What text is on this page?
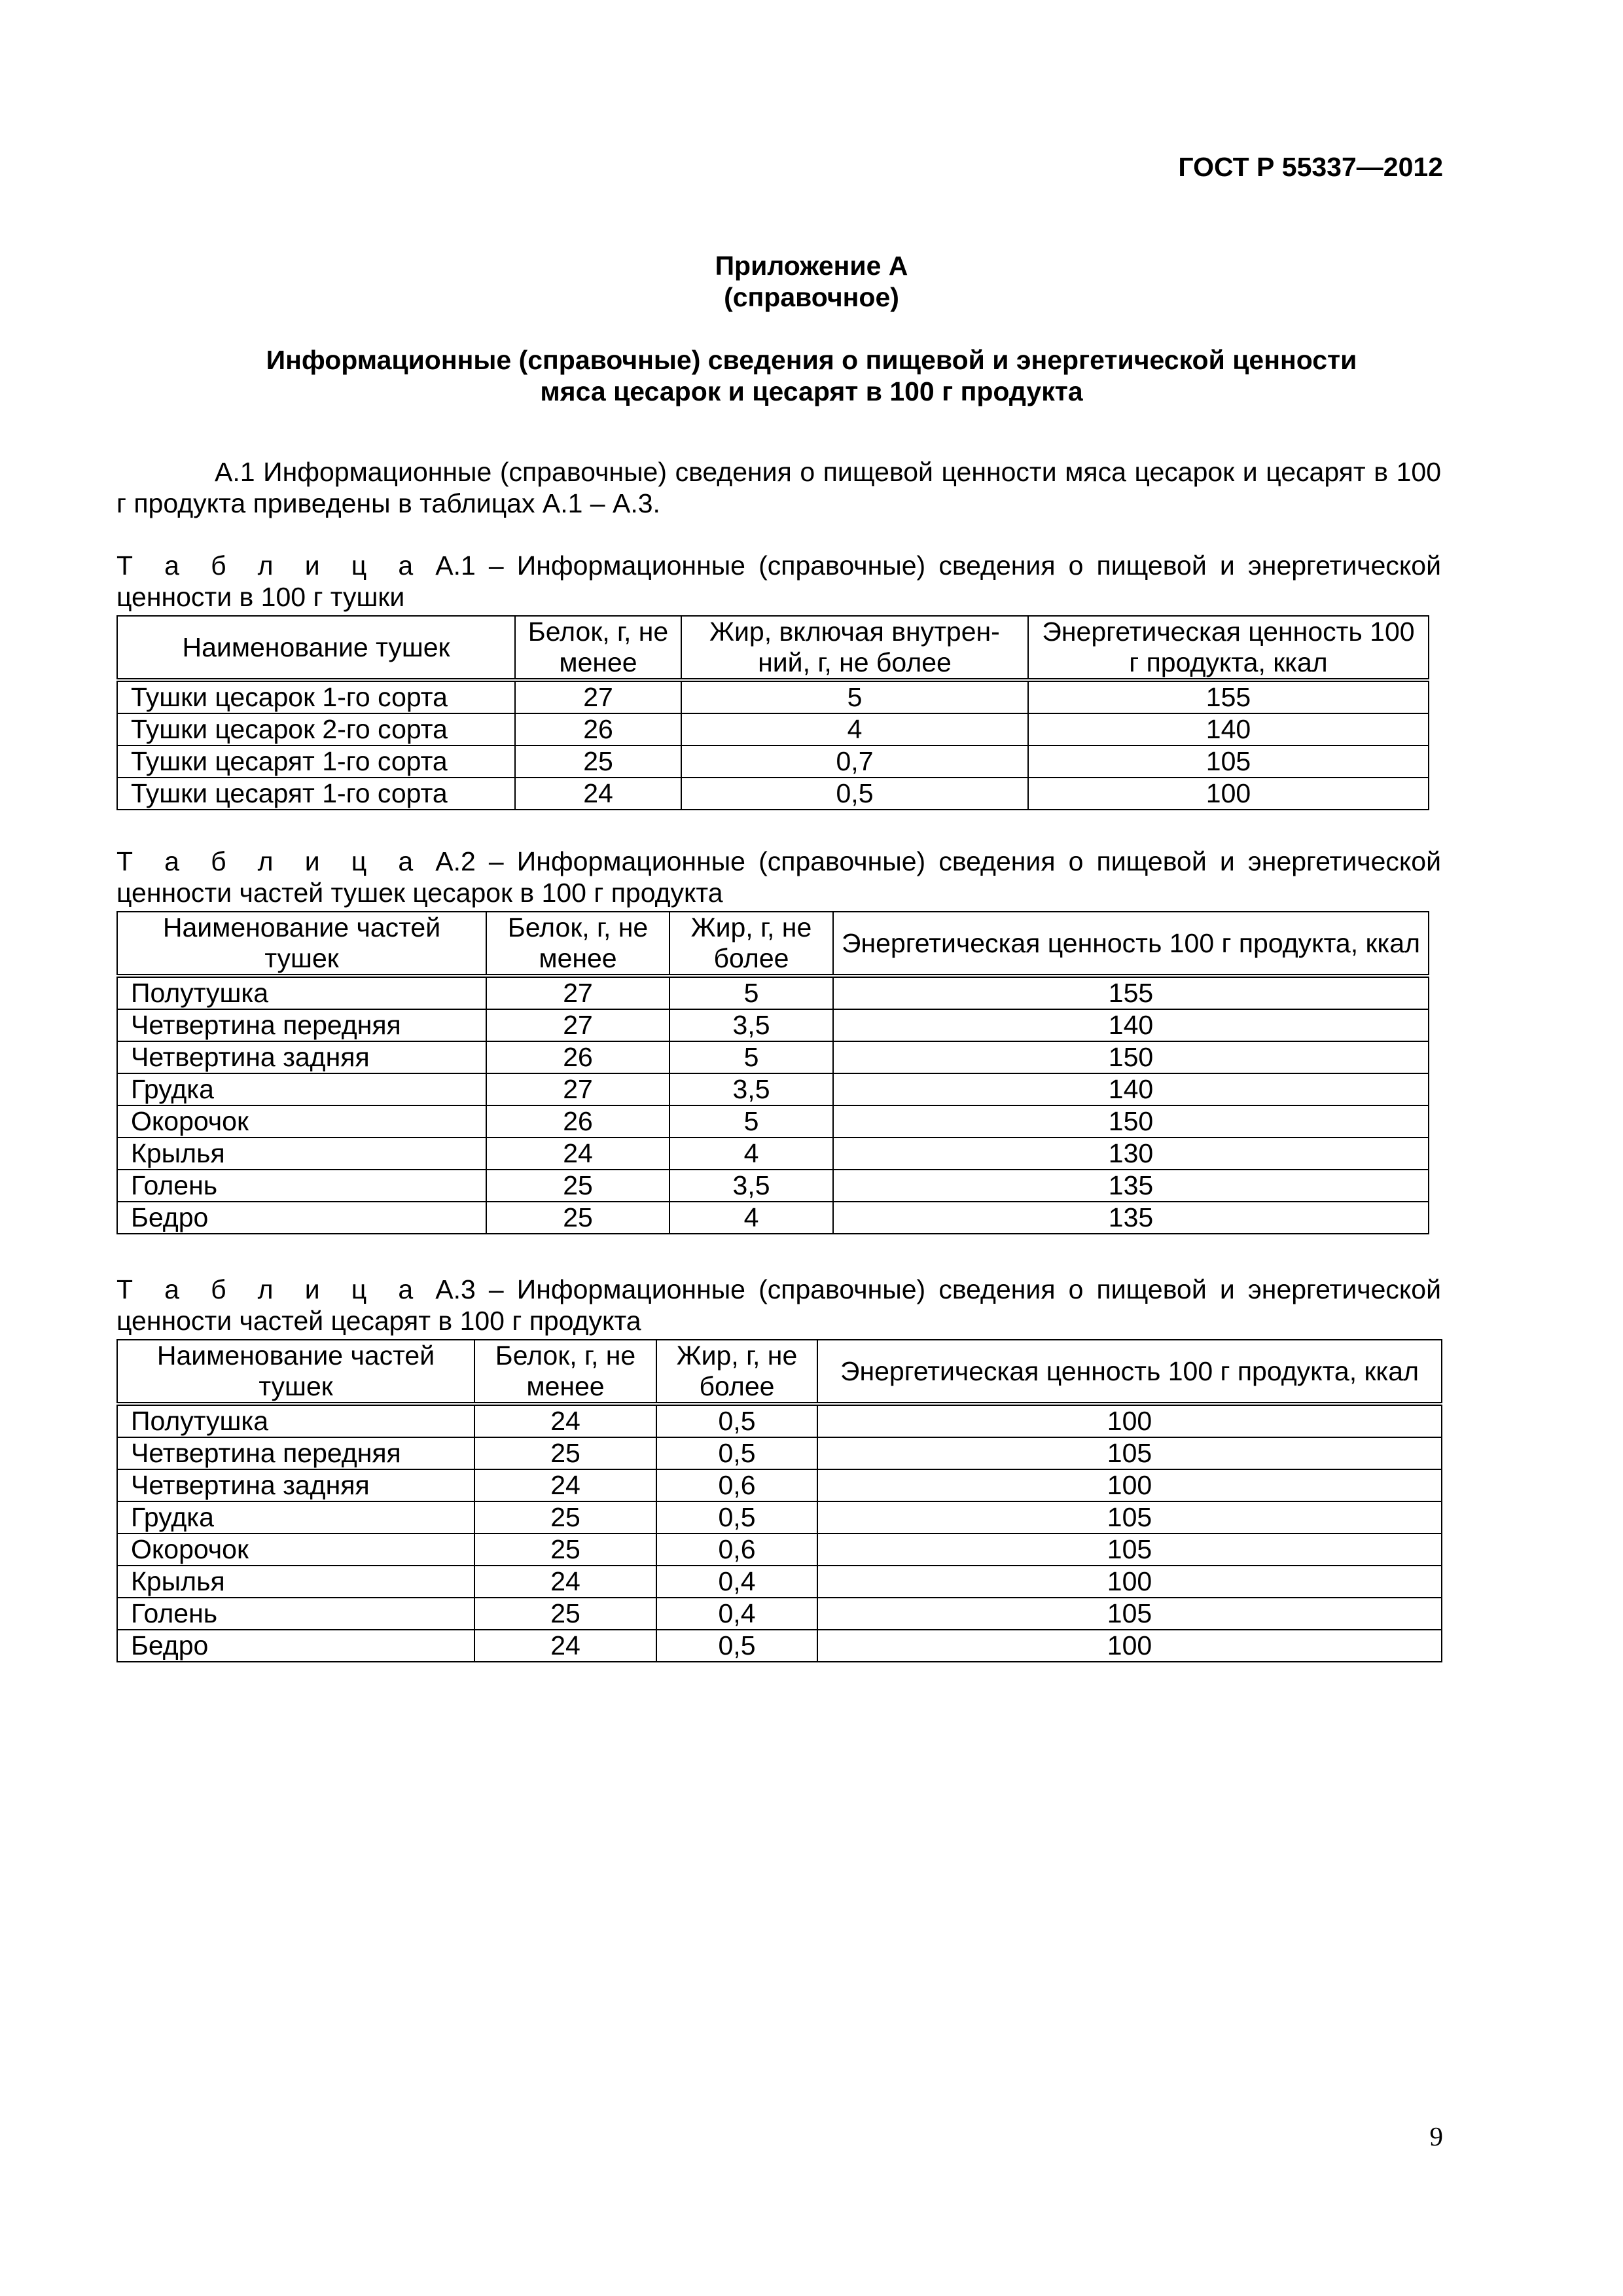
ГОСТ Р 55337—2012
Приложение А
(справочное)
Информационные (справочные) сведения о пищевой и энергетической ценности
мяса цесарок и цесарят в 100 г продукта
А.1 Информационные (справочные) сведения о пищевой ценности мяса цесарок и цесарят в 100 г продукта приведены в таблицах А.1 – А.3.
Т а б л и ц а А.1 – Информационные (справочные) сведения о пищевой и энергетической ценности в 100 г тушки
Наименование тушек	Белок, г, не менее	Жир, включая внутрен-ний, г, не более	Энергетическая ценность 100 г продукта, ккал
Тушки цесарок 1-го сорта	27	5	155
Тушки цесарок 2-го сорта	26	4	140
Тушки цесарят 1-го сорта	25	0,7	105
Тушки цесарят 1-го сорта	24	0,5	100
Т а б л и ц а А.2 – Информационные (справочные) сведения о пищевой и энергетической ценности частей тушек цесарок в 100 г продукта
Наименование частей тушек	Белок, г, не менее	Жир, г, не более	Энергетическая ценность 100 г продукта, ккал
Полутушка	27	5	155
Четвертина передняя	27	3,5	140
Четвертина задняя	26	5	150
Грудка	27	3,5	140
Окорочок	26	5	150
Крылья	24	4	130
Голень	25	3,5	135
Бедро	25	4	135
Т а б л и ц а А.3 – Информационные (справочные) сведения о пищевой и энергетической ценности частей цесарят в 100 г продукта
Наименование частей тушек	Белок, г, не менее	Жир, г, не более	Энергетическая ценность 100 г продукта, ккал
Полутушка	24	0,5	100
Четвертина передняя	25	0,5	105
Четвертина задняя	24	0,6	100
Грудка	25	0,5	105
Окорочок	25	0,6	105
Крылья	24	0,4	100
Голень	25	0,4	105
Бедро	24	0,5	100
9
